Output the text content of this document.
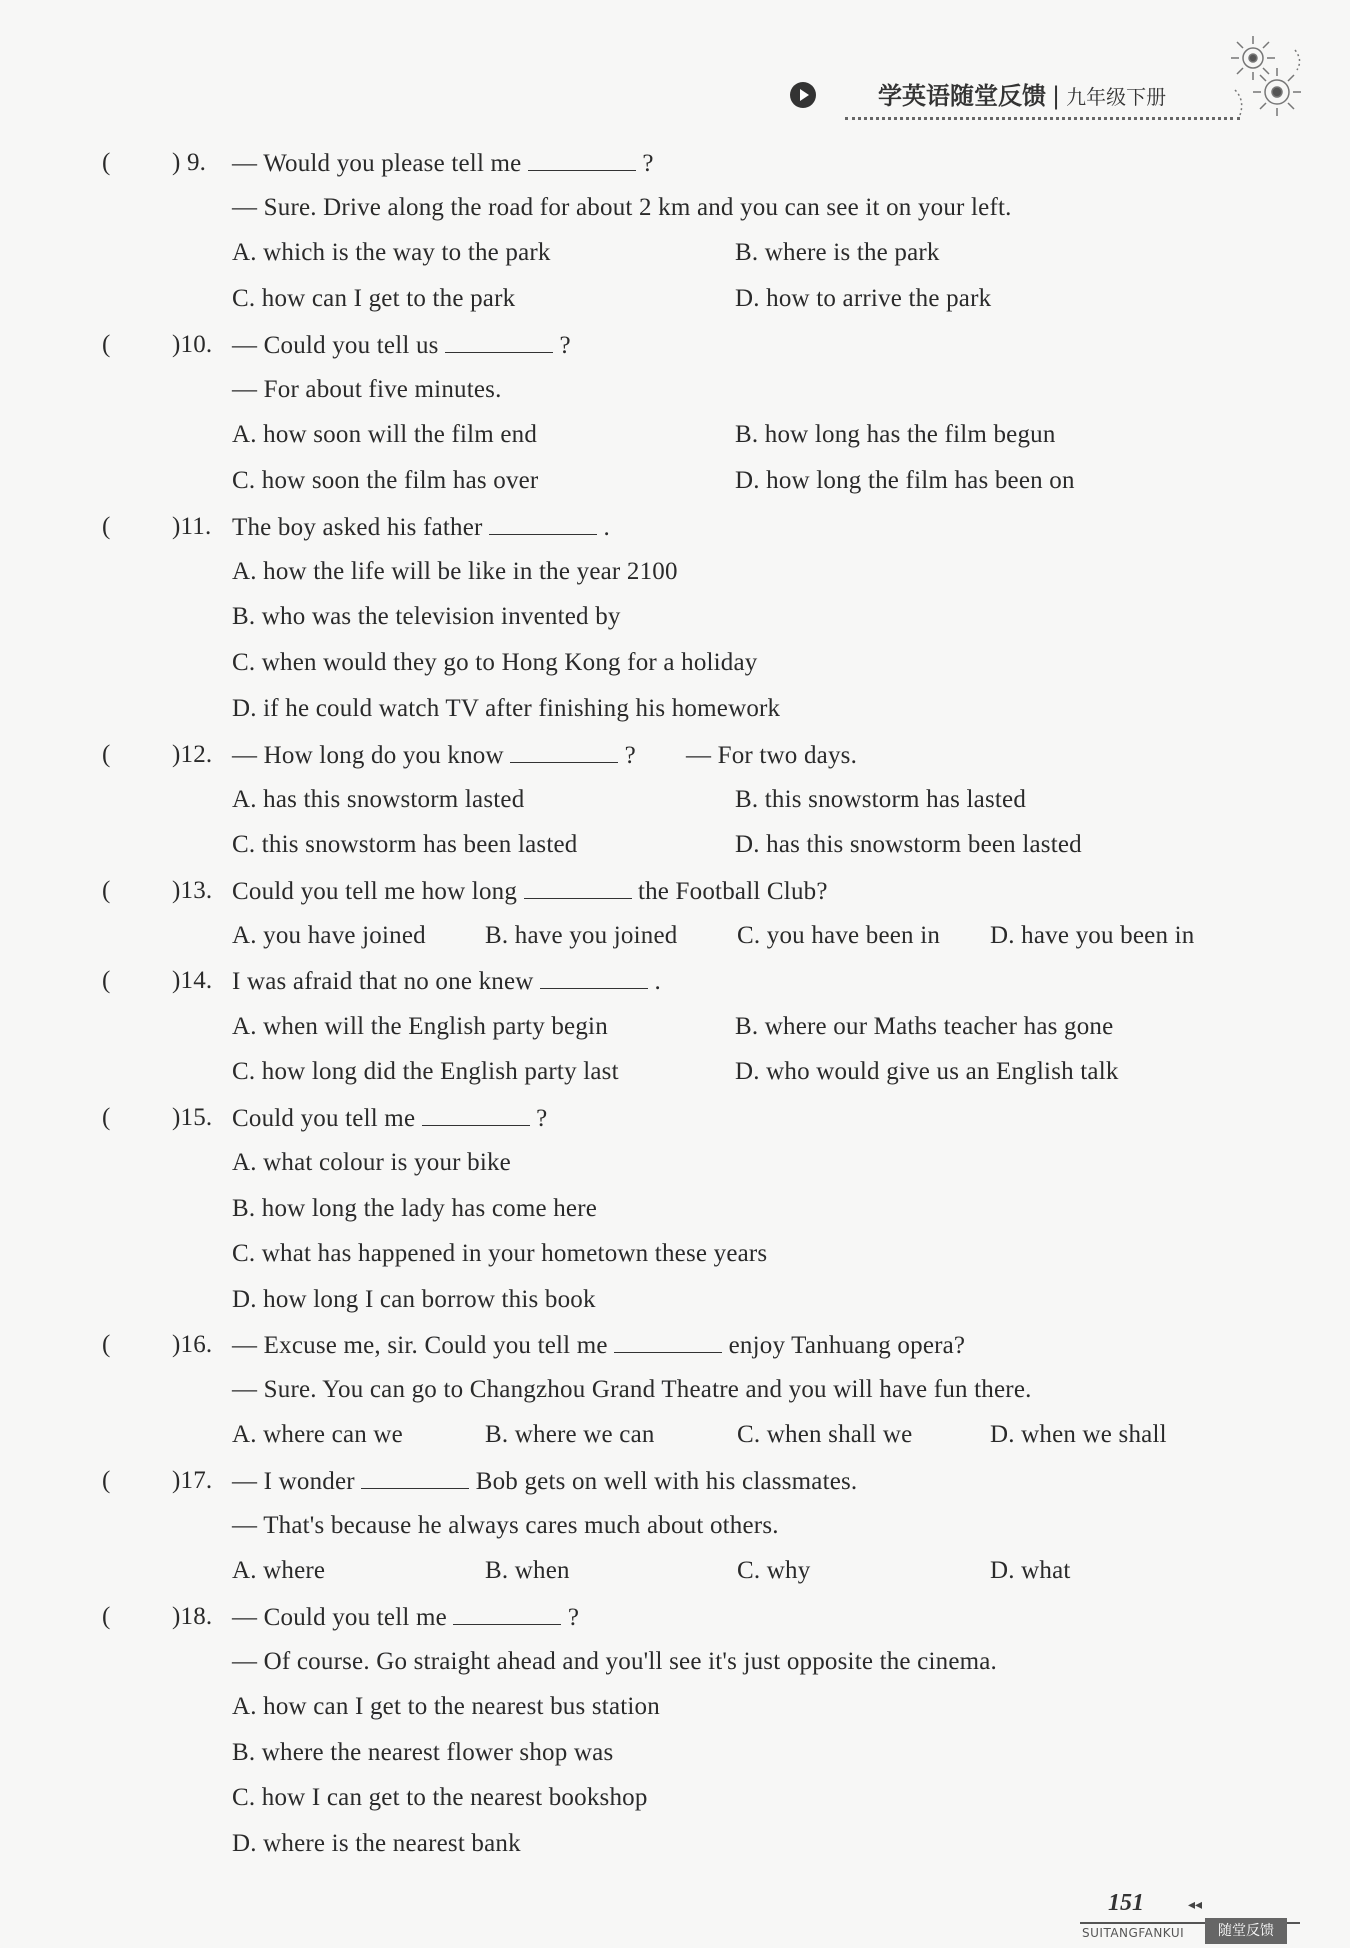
学英语随堂反馈 | 九年级下册
( ) 9. — Would you please tell me	?
— Sure. Drive along the road for about 2 km and you can see it on your left.
A. which is the way to the park	B. where is the park
C. how can I get to the park	D. how to arrive the park
( )10. — Could you tell us	?
— For about five minutes.
A. how soon will the film end	B. how long has the film begun
C. how soon the film has over	D. how long the film has been on
( )11. The boy asked his father	.
A. how the life will be like in the year 2100
B. who was the television invented by
C. when would they go to Hong Kong for a holiday
D. if he could watch TV after finishing his homework
( )12. — How long do you know	? — For two days.
A. has this snowstorm lasted	B. this snowstorm has lasted
C. this snowstorm has been lasted	D. has this snowstorm been lasted
( )13. Could you tell me how long	the Football Club?
A. you have joined B. have you joined C. you have been in D. have you been in
( )14. I was afraid that no one knew	.
A. when will the English party begin	B. where our Maths teacher has gone
C. how long did the English party last	D. who would give us an English talk
( )15. Could you tell me	?
A. what colour is your bike
B. how long the lady has come here
C. what has happened in your hometown these years
D. how long I can borrow this book
( )16. — Excuse me, sir. Could you tell me	enjoy Tanhuang opera?
— Sure. You can go to Changzhou Grand Theatre and you will have fun there.
A. where can we	B. where we can	C. when shall we	D. when we shall
( )17. — I wonder	Bob gets on well with his classmates.
— That's because he always cares much about others.
A. where	B. when	C. why	D. what
( )18. — Could you tell me	?
— Of course. Go straight ahead and you'll see it's just opposite the cinema.
A. how can I get to the nearest bus station
B. where the nearest flower shop was
C. how I can get to the nearest bookshop
D. where is the nearest bank
151	◂◂
SUITANGFANKUI	随堂反馈
